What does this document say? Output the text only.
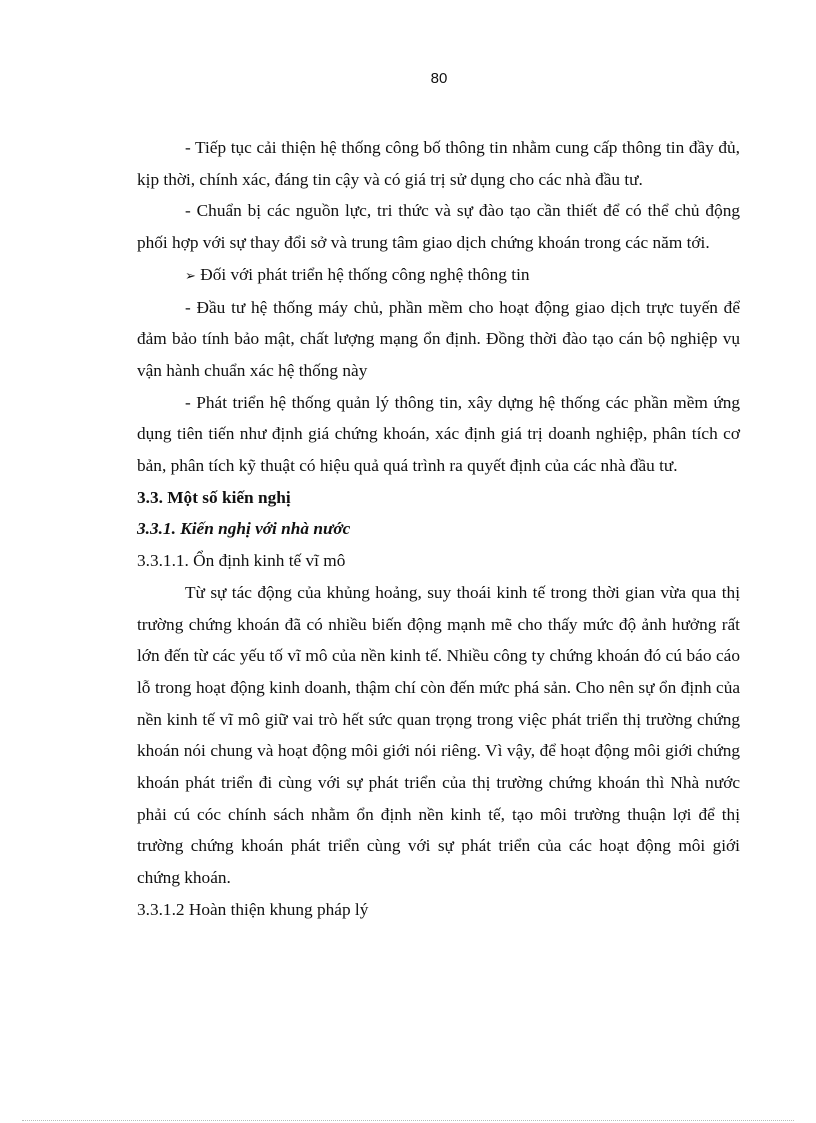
80

- Tiếp tục cải thiện hệ thống công bố thông tin nhằm cung cấp thông tin đầy đủ, kịp thời, chính xác, đáng tin cậy và có giá trị sử dụng cho các nhà đầu tư.

- Chuẩn bị các nguồn lực, tri thức và sự đào tạo cần thiết để có thể chủ động phối hợp với sự thay đổi sở và trung tâm giao dịch chứng khoán trong các năm tới.

➢ Đối với phát triển hệ thống công nghệ thông tin

- Đầu tư hệ thống máy chủ, phần mềm cho hoạt động giao dịch trực tuyến để đảm bảo tính bảo mật, chất lượng mạng ổn định. Đồng thời đào tạo cán bộ nghiệp vụ vận hành chuẩn xác hệ thống này

- Phát triển hệ thống quản lý thông tin, xây dựng hệ thống các phần mềm ứng dụng tiên tiến như định giá chứng khoán, xác định giá trị doanh nghiệp, phân tích cơ bản, phân tích kỹ thuật có hiệu quả quá trình ra quyết định của các nhà đầu tư.

3.3. Một số kiến nghị

3.3.1. Kiến nghị với nhà nước

3.3.1.1. Ổn định kinh tế vĩ mô

Từ sự tác động của khủng hoảng, suy thoái kinh tế trong thời gian vừa qua thị trường chứng khoán đã có nhiều biến động mạnh mẽ cho thấy mức độ ảnh hưởng rất lớn đến từ các yếu tố vĩ mô của nền kinh tế. Nhiều công ty chứng khoán đó cú báo cáo lỗ trong hoạt động kinh doanh, thậm chí còn đến mức phá sản. Cho nên sự ổn định của nền kinh tế vĩ mô giữ vai trò hết sức quan trọng trong việc phát triển thị trường chứng khoán nói chung và hoạt động môi giới nói riêng. Vì vậy, để hoạt động môi giới chứng khoán phát triển đi cùng với sự phát triển của thị trường chứng khoán thì Nhà nước phải cú cóc chính sách nhằm ổn định nền kinh tế, tạo môi trường thuận lợi để thị trường chứng khoán phát triển cùng với sự phát triển của các hoạt động môi giới chứng khoán.

3.3.1.2 Hoàn thiện khung pháp lý
